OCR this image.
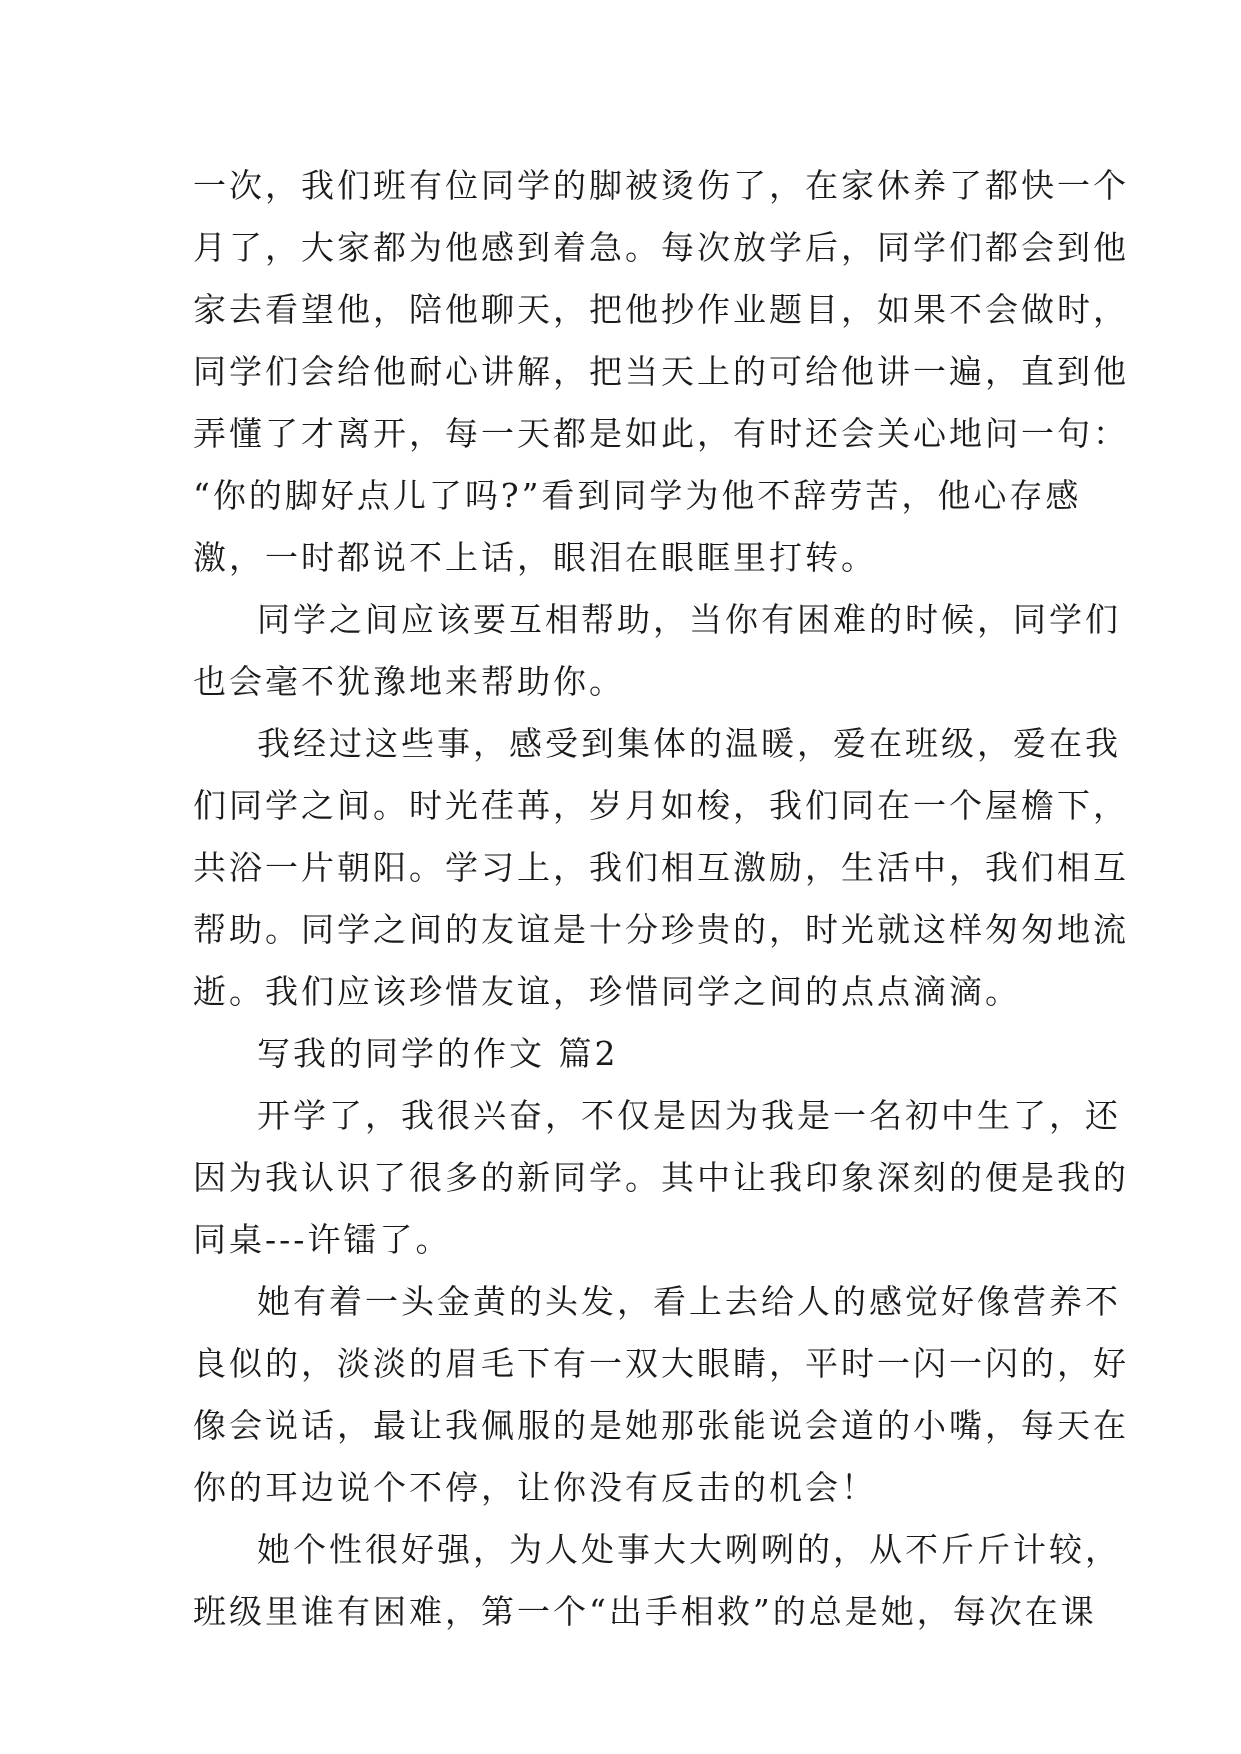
一次，我们班有位同学的脚被烫伤了，在家休养了都快一个
月了，大家都为他感到着急。每次放学后，同学们都会到他
家去看望他，陪他聊天，把他抄作业题目，如果不会做时，
同学们会给他耐心讲解，把当天上的可给他讲一遍，直到他
弄懂了才离开，每一天都是如此，有时还会关心地问一句：
“你的脚好点儿了吗?”看到同学为他不辞劳苦，他心存感
激，一时都说不上话，眼泪在眼眶里打转。
同学之间应该要互相帮助，当你有困难的时候，同学们
也会毫不犹豫地来帮助你。
我经过这些事，感受到集体的温暖，爱在班级，爱在我
们同学之间。时光荏苒，岁月如梭，我们同在一个屋檐下，
共浴一片朝阳。学习上，我们相互激励，生活中，我们相互
帮助。同学之间的友谊是十分珍贵的，时光就这样匆匆地流
逝。我们应该珍惜友谊，珍惜同学之间的点点滴滴。
写我的同学的作文 篇2
开学了，我很兴奋，不仅是因为我是一名初中生了，还
因为我认识了很多的新同学。其中让我印象深刻的便是我的
同桌---许镭了。
她有着一头金黄的头发，看上去给人的感觉好像营养不
良似的，淡淡的眉毛下有一双大眼睛，平时一闪一闪的，好
像会说话，最让我佩服的是她那张能说会道的小嘴，每天在
你的耳边说个不停，让你没有反击的机会！
她个性很好强，为人处事大大咧咧的，从不斤斤计较，
班级里谁有困难，第一个“出手相救”的总是她，每次在课
